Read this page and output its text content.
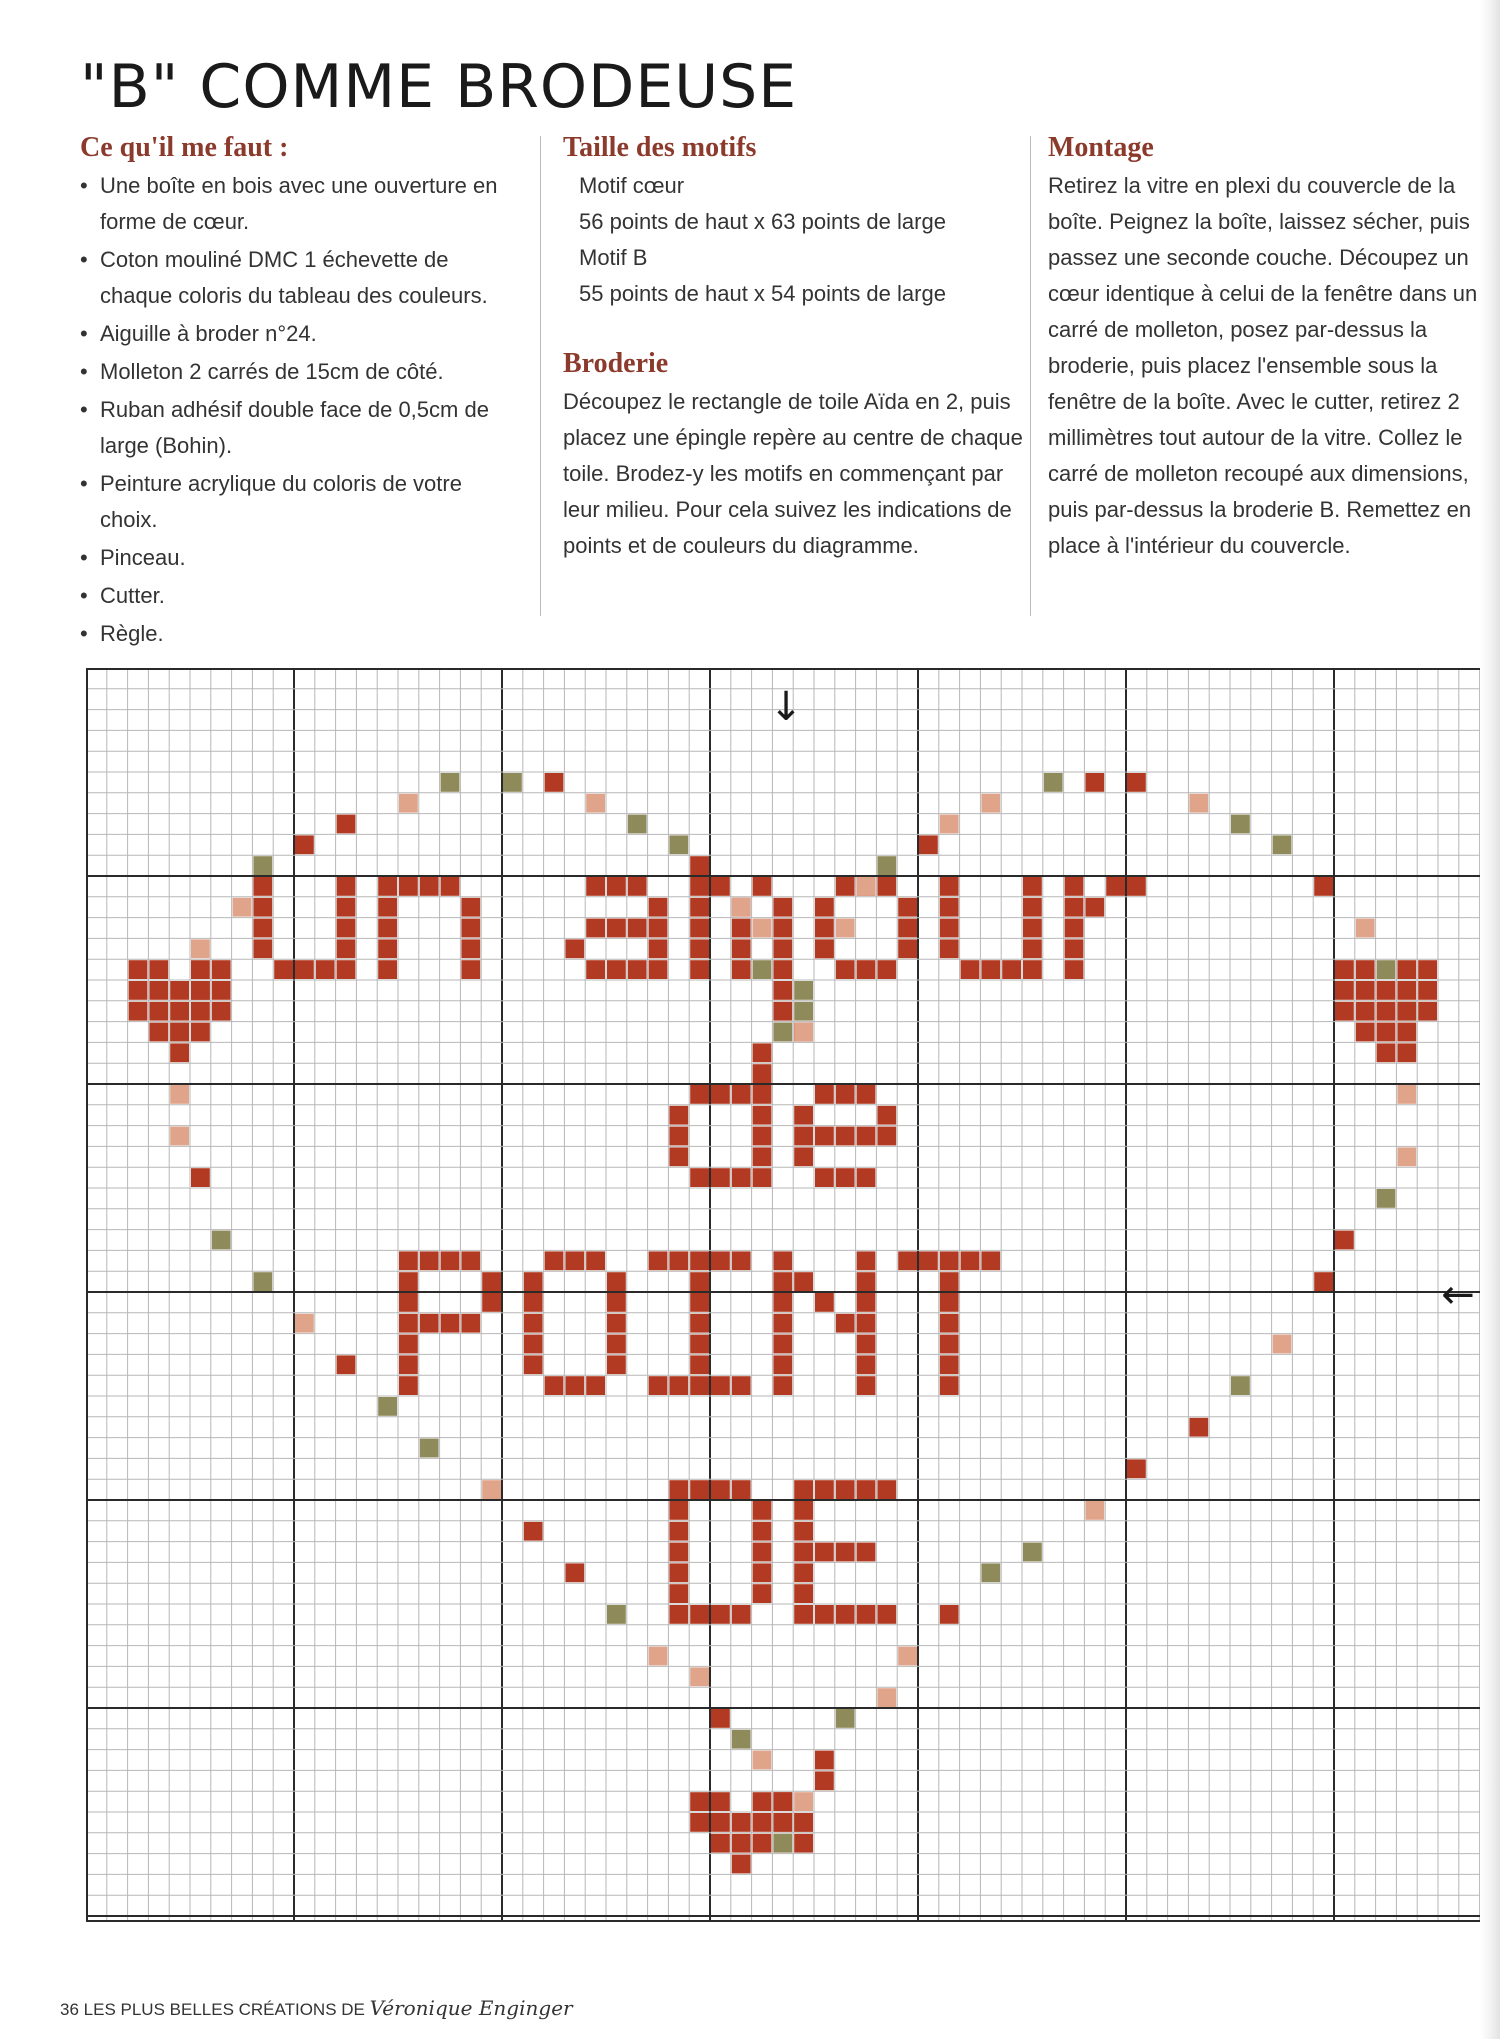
"B" COMME BRODEUSE
Ce qu'il me faut :
• Une boîte en bois avec une ouverture en forme de cœur.
• Coton mouliné DMC 1 échevette de chaque coloris du tableau des couleurs.
• Aiguille à broder n°24.
• Molleton 2 carrés de 15cm de côté.
• Ruban adhésif double face de 0,5cm de large (Bohin).
• Peinture acrylique du coloris de votre choix.
• Pinceau.
• Cutter.
• Règle.
Taille des motifs

Motif cœur

56 points de haut x 63 points de large

Motif B

55 points de haut x 54 points de large

Broderie

Découpez le rectangle de toile Aïda en 2, puis placez une épingle repère au centre de chaque toile. Brodez-y les motifs en commençant par leur milieu. Pour cela suivez les indications de points et de couleurs du diagramme.

Montage

Retirez la vitre en plexi du couvercle de la boîte. Peignez la boîte, laissez sécher, puis passez une seconde couche. Découpez un cœur identique à celui de la fenêtre dans un carré de molleton, posez par-dessus la broderie, puis placez l'ensemble sous la fenêtre de la boîte. Avec le cutter, retirez 2 millimètres tout autour de la vitre. Collez le carré de molleton recoupé aux dimensions, puis par-dessus la broderie B. Remettez en place à l'intérieur du couvercle.

↓
←
36 LES PLUS BELLES CRÉATIONS DE Véronique Enginger
